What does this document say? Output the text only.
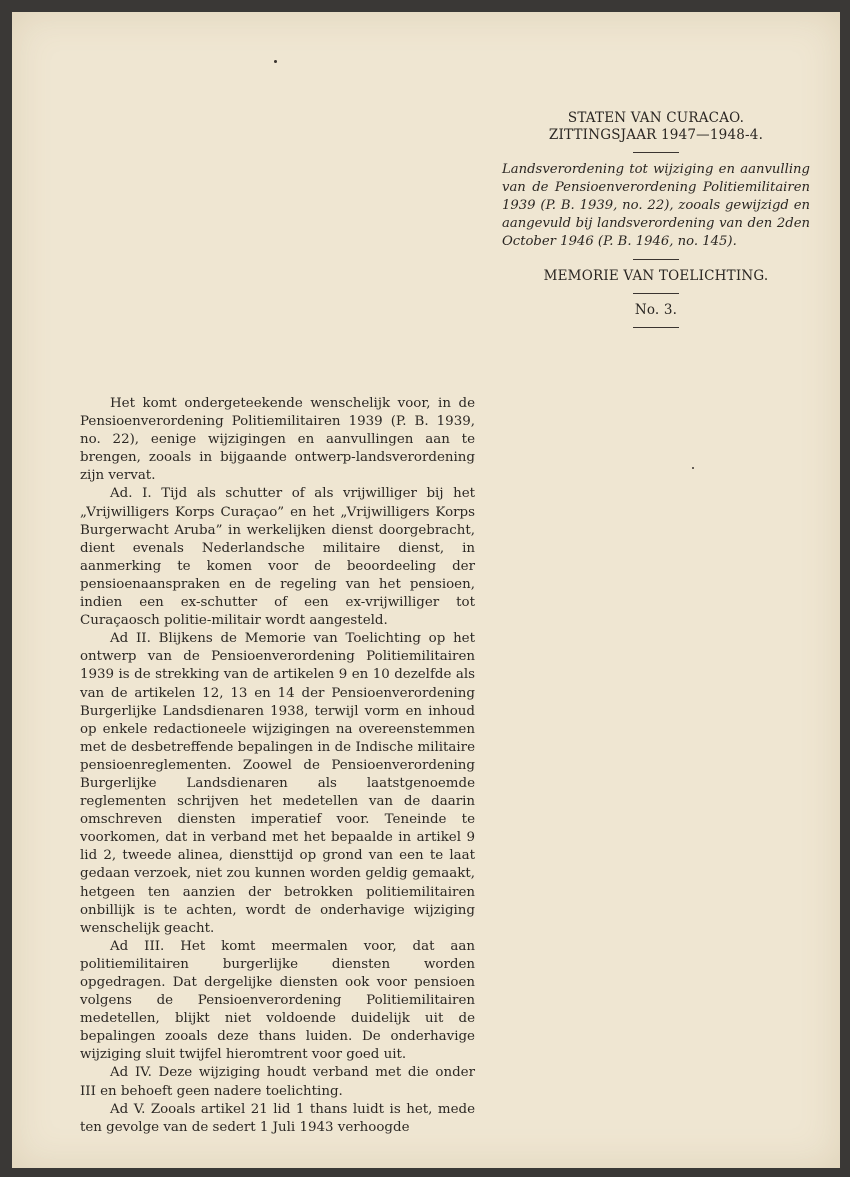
STATEN VAN CURACAO.
ZITTINGSJAAR 1947—1948-4.

Landsverordening tot wijziging en aanvulling van de Pensioenverordening Politiemilitairen 1939 (P. B. 1939, no. 22), zooals gewijzigd en aangevuld bij landsverordening van den 2den October 1946 (P. B. 1946, no. 145).

MEMORIE VAN TOELICHTING.
No. 3.

Het komt ondergeteekende wenschelijk voor, in de Pensioenverordening Politiemilitairen 1939 (P. B. 1939, no. 22), eenige wijzigingen en aanvullingen aan te brengen, zooals in bijgaande ontwerp-landsverordening zijn vervat.

Ad. I. Tijd als schutter of als vrijwilliger bij het „Vrijwilligers Korps Curaçao” en het „Vrijwilligers Korps Burgerwacht Aruba” in werkelijken dienst doorgebracht, dient evenals Nederlandsche militaire dienst, in aanmerking te komen voor de beoordeeling der pensioenaanspraken en de regeling van het pensioen, indien een ex-schutter of een ex-vrijwilliger tot Curaçaosch politie-militair wordt aangesteld.

Ad II. Blijkens de Memorie van Toelichting op het ontwerp van de Pensioenverordening Politiemilitairen 1939 is de strekking van de artikelen 9 en 10 dezelfde als van de artikelen 12, 13 en 14 der Pensioenverordening Burgerlijke Landsdienaren 1938, terwijl vorm en inhoud op enkele redactioneele wijzigingen na overeenstemmen met de desbetreffende bepalingen in de Indische militaire pensioenreglementen. Zoowel de Pensioenverordening Burgerlijke Landsdienaren als laatstgenoemde reglementen schrijven het medetellen van de daarin omschreven diensten imperatief voor. Teneinde te voorkomen, dat in verband met het bepaalde in artikel 9 lid 2, tweede alinea, diensttijd op grond van een te laat gedaan verzoek, niet zou kunnen worden geldig gemaakt, hetgeen ten aanzien der betrokken politiemilitairen onbillijk is te achten, wordt de onderhavige wijziging wenschelijk geacht.

Ad III. Het komt meermalen voor, dat aan politiemilitairen burgerlijke diensten worden opgedragen. Dat dergelijke diensten ook voor pensioen volgens de Pensioenverordening Politiemilitairen medetellen, blijkt niet voldoende duidelijk uit de bepalingen zooals deze thans luiden. De onderhavige wijziging sluit twijfel hieromtrent voor goed uit.

Ad IV. Deze wijziging houdt verband met die onder III en behoeft geen nadere toelichting.

Ad V. Zooals artikel 21 lid 1 thans luidt is het, mede ten gevolge van de sedert 1 Juli 1943 verhoogde
